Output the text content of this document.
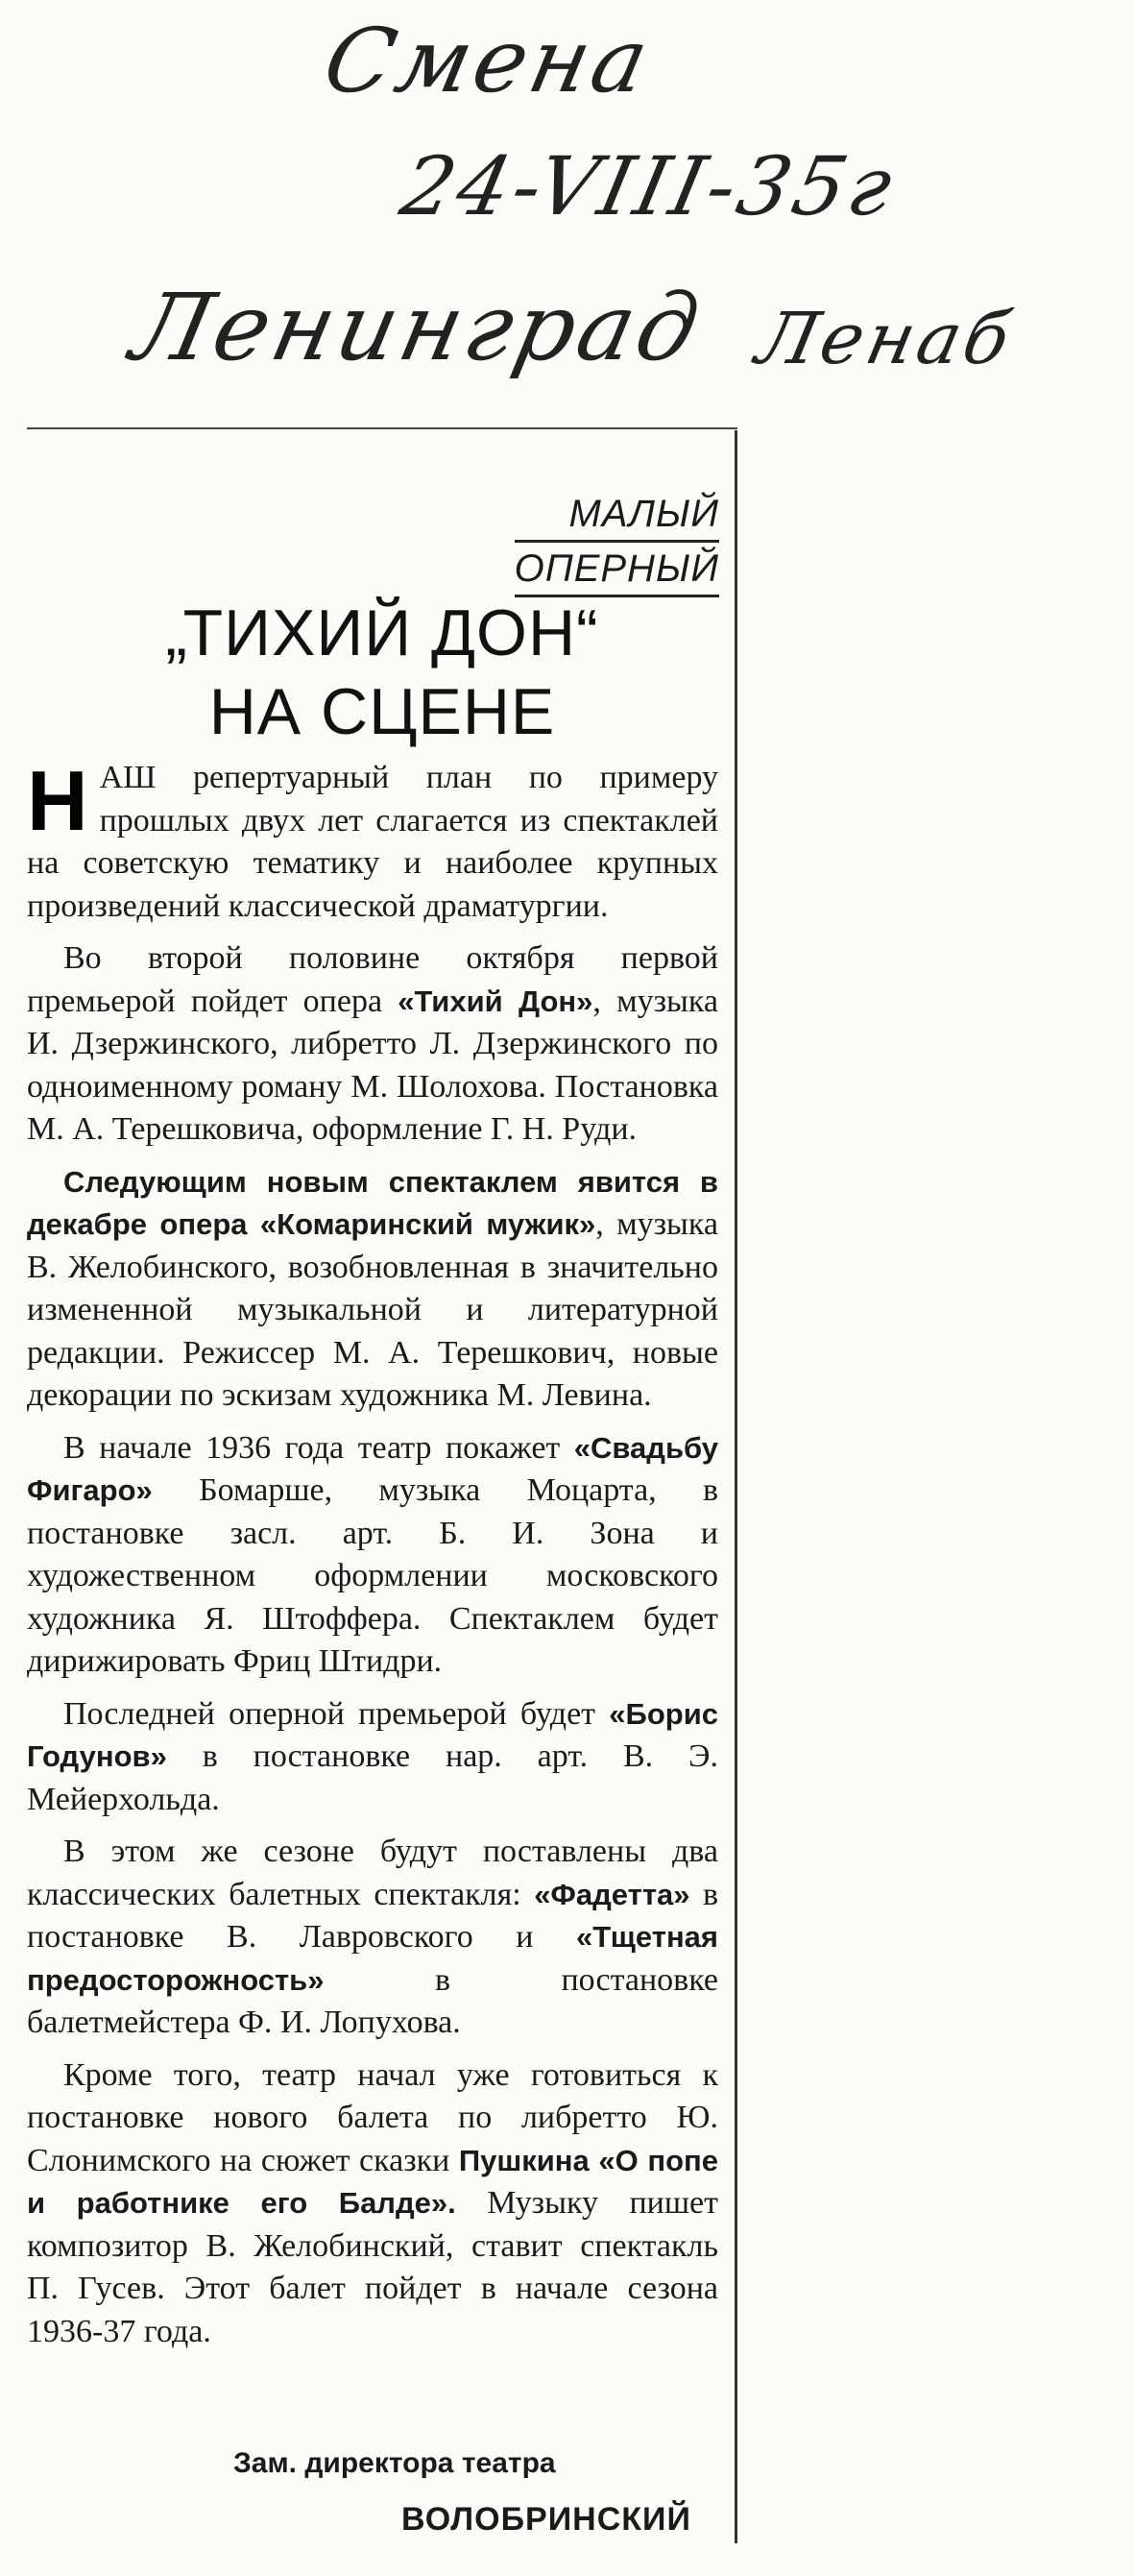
Смена
24-VIII-35г
Ленинград Ленаб
МАЛЫЙ
ОПЕРНЫЙ
„ТИХИЙ ДОН“
НА СЦЕНЕ

НАШ репертуарный план по примеру прошлых двух лет слагается из спектаклей на советскую тематику и наиболее крупных произведений классической драматургии.

Во второй половине октября первой премьерой пойдет опера «Тихий Дон», музыка И. Дзержинского, либретто Л. Дзержинского по одноименному роману М. Шолохова. Постановка М. А. Терешковича, оформление Г. Н. Руди.

Следующим новым спектаклем явится в декабре опера «Комаринский мужик», музыка В. Желобинского, возобновленная в значительно измененной музыкальной и литературной редакции. Режиссер М. А. Терешкович, новые декорации по эскизам художника М. Левина.

В начале 1936 года театр покажет «Свадьбу Фигаро» Бомарше, музыка Моцарта, в постановке засл. арт. Б. И. Зона и художественном оформлении московского художника Я. Штоффера. Спектаклем будет дирижировать Фриц Штидри.

Последней оперной премьерой будет «Борис Годунов» в постановке нар. арт. В. Э. Мейерхольда.

В этом же сезоне будут поставлены два классических балетных спектакля: «Фадетта» в постановке В. Лавровского и «Тщетная предосторожность» в постановке балетмейстера Ф. И. Лопухова.

Кроме того, театр начал уже готовиться к постановке нового балета по либретто Ю. Слонимского на сюжет сказки Пушкина «О попе и работнике его Балде». Музыку пишет композитор В. Желобинский, ставит спектакль П. Гусев. Этот балет пойдет в начале сезона 1936-37 года.

Зам. директора театра
ВОЛОБРИНСКИЙ
